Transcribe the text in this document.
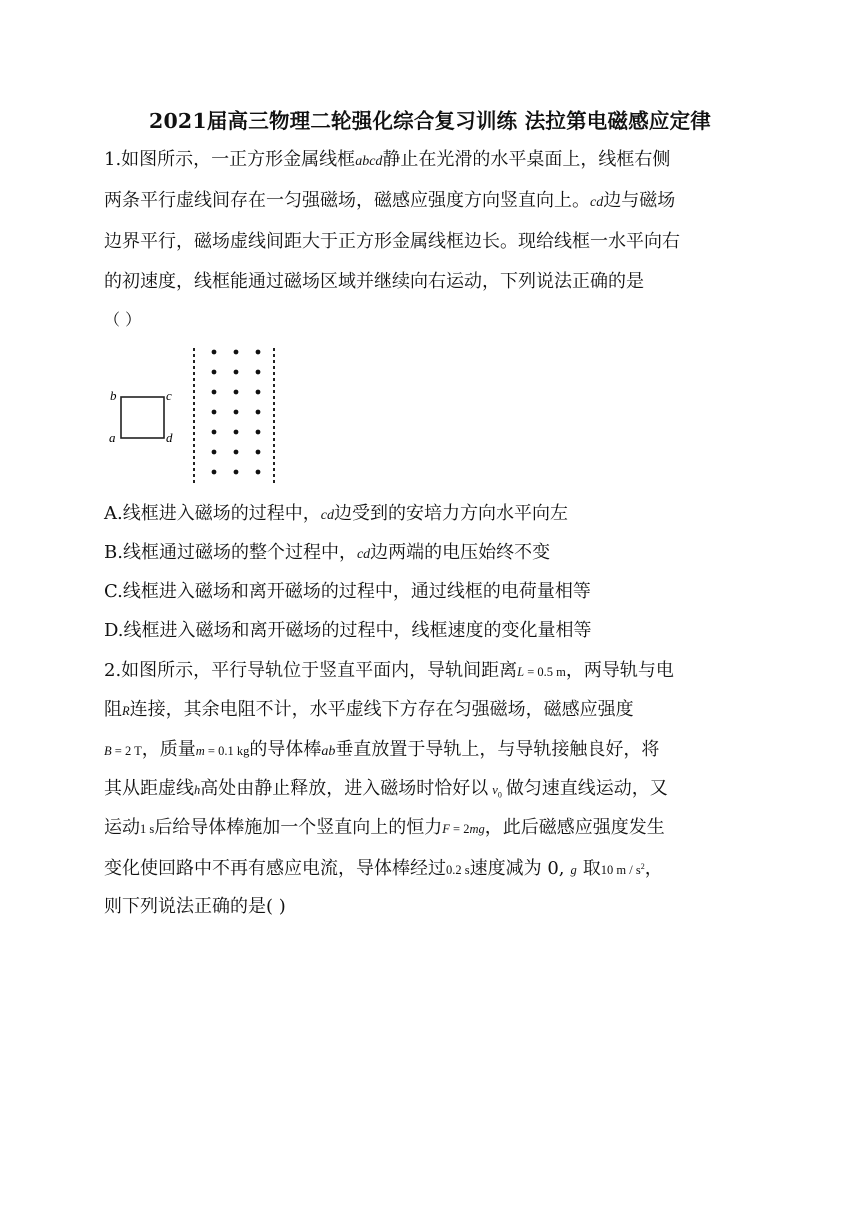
2021届高三物理二轮强化综合复习训练 法拉第电磁感应定律
1.如图所示，一正方形金属线框abcd静止在光滑的水平桌面上，线框右侧
两条平行虚线间存在一匀强磁场，磁感应强度方向竖直向上。cd边与磁场
边界平行，磁场虚线间距大于正方形金属线框边长。现给线框一水平向右
的初速度，线框能通过磁场区域并继续向右运动，下列说法正确的是
（ ）
b	c
a	d
A.线框进入磁场的过程中，cd边受到的安培力方向水平向左
B.线框通过磁场的整个过程中，cd边两端的电压始终不变
C.线框进入磁场和离开磁场的过程中，通过线框的电荷量相等
D.线框进入磁场和离开磁场的过程中，线框速度的变化量相等
2.如图所示，平行导轨位于竖直平面内，导轨间距离L = 0.5 m，两导轨与电
阻R连接，其余电阻不计，水平虚线下方存在匀强磁场，磁感应强度
B = 2 T，质量m = 0.1 kg的导体棒ab垂直放置于导轨上，与导轨接触良好，将
其从距虚线h高处由静止释放，进入磁场时恰好以 $v_0$ 做匀速直线运动，又
运动1 s后给导体棒施加一个竖直向上的恒力F = 2mg，此后磁感应强度发生
变化使回路中不再有感应电流，导体棒经过0.2 s速度减为 0, g 取10 m / $s^2$，
则下列说法正确的是( )
